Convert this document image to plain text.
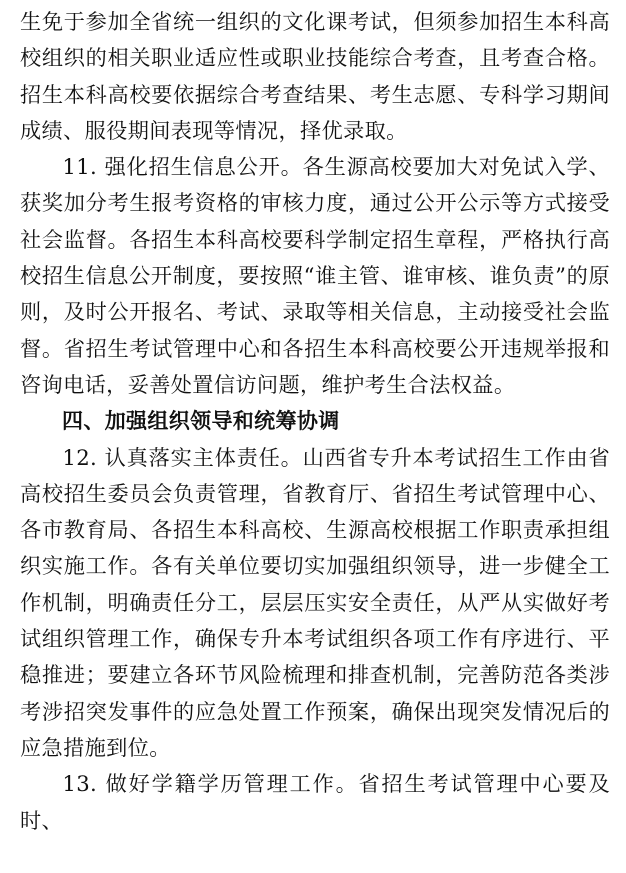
生免于参加全省统一组织的文化课考试，但须参加招生本科高校组织的相关职业适应性或职业技能综合考查，且考查合格。招生本科高校要依据综合考查结果、考生志愿、专科学习期间成绩、服役期间表现等情况，择优录取。

11. 强化招生信息公开。各生源高校要加大对免试入学、获奖加分考生报考资格的审核力度，通过公开公示等方式接受社会监督。各招生本科高校要科学制定招生章程，严格执行高校招生信息公开制度，要按照“谁主管、谁审核、谁负责”的原则，及时公开报名、考试、录取等相关信息，主动接受社会监督。省招生考试管理中心和各招生本科高校要公开违规举报和咨询电话，妥善处置信访问题，维护考生合法权益。

四、加强组织领导和统筹协调

12. 认真落实主体责任。山西省专升本考试招生工作由省高校招生委员会负责管理，省教育厅、省招生考试管理中心、各市教育局、各招生本科高校、生源高校根据工作职责承担组织实施工作。各有关单位要切实加强组织领导，进一步健全工作机制，明确责任分工，层层压实安全责任，从严从实做好考试组织管理工作，确保专升本考试组织各项工作有序进行、平稳推进；要建立各环节风险梳理和排查机制，完善防范各类涉考涉招突发事件的应急处置工作预案，确保出现突发情况后的应急措施到位。

13. 做好学籍学历管理工作。省招生考试管理中心要及时、
